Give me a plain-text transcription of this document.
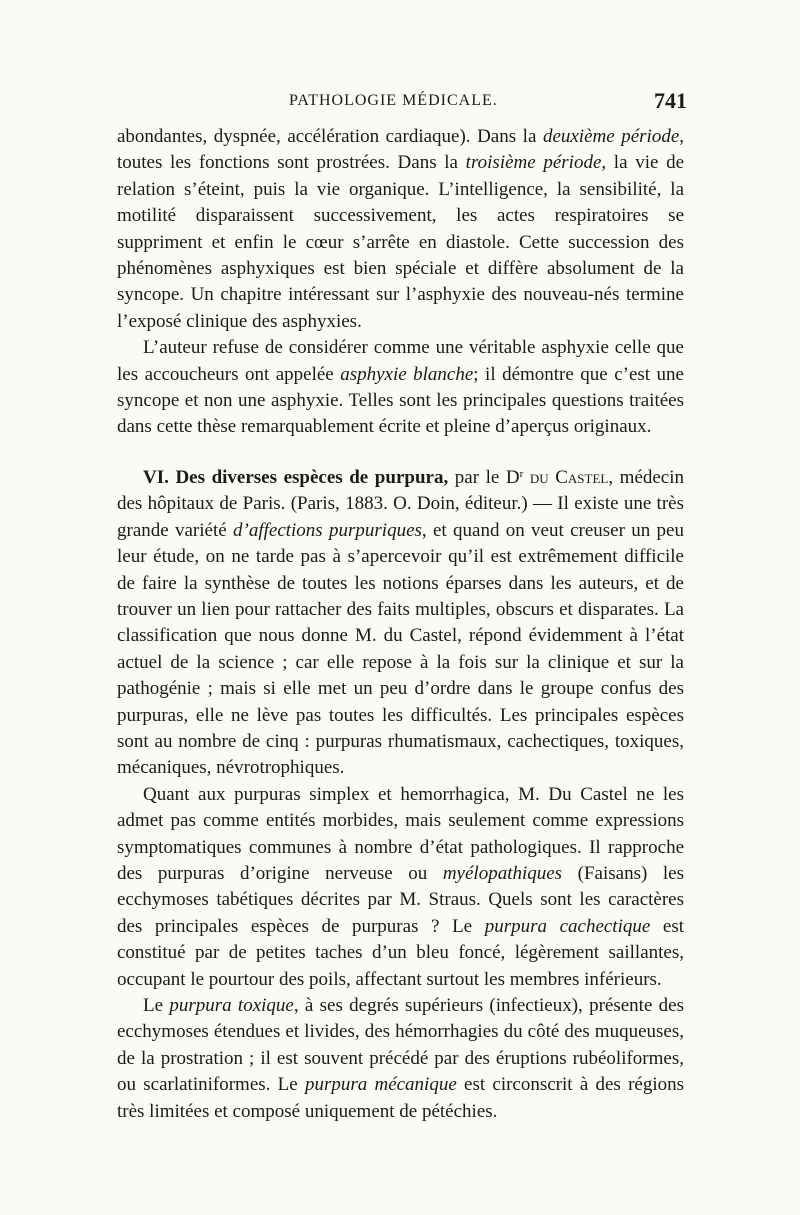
PATHOLOGIE MÉDICALE.	741

abondantes, dyspnée, accélération cardiaque). Dans la deuxième période, toutes les fonctions sont prostrées. Dans la troisième période, la vie de relation s’éteint, puis la vie organique. L’intelligence, la sensibilité, la motilité disparaissent successivement, les actes respiratoires se suppriment et enfin le cœur s’arrête en diastole. Cette succession des phénomènes asphyxiques est bien spéciale et diffère absolument de la syncope. Un chapitre intéressant sur l’asphyxie des nouveau-nés termine l’exposé clinique des asphyxies.

L’auteur refuse de considérer comme une véritable asphyxie celle que les accoucheurs ont appelée asphyxie blanche; il démontre que c’est une syncope et non une asphyxie. Telles sont les principales questions traitées dans cette thèse remarquablement écrite et pleine d’aperçus originaux.

VI. Des diverses espèces de purpura, par le $D^r$ du Castel, médecin des hôpitaux de Paris. (Paris, 1883. O. Doin, éditeur.) — Il existe une très grande variété d’affections purpuriques, et quand on veut creuser un peu leur étude, on ne tarde pas à s’apercevoir qu’il est extrêmement difficile de faire la synthèse de toutes les notions éparses dans les auteurs, et de trouver un lien pour rattacher des faits multiples, obscurs et disparates. La classification que nous donne M. du Castel, répond évidemment à l’état actuel de la science ; car elle repose à la fois sur la clinique et sur la pathogénie ; mais si elle met un peu d’ordre dans le groupe confus des purpuras, elle ne lève pas toutes les difficultés. Les principales espèces sont au nombre de cinq : purpuras rhumatismaux, cachectiques, toxiques, mécaniques, névrotrophiques.

Quant aux purpuras simplex et hemorrhagica, M. Du Castel ne les admet pas comme entités morbides, mais seulement comme expressions symptomatiques communes à nombre d’état pathologiques. Il rapproche des purpuras d’origine nerveuse ou myélopathiques (Faisans) les ecchymoses tabétiques décrites par M. Straus. Quels sont les caractères des principales espèces de purpuras ? Le purpura cachectique est constitué par de petites taches d’un bleu foncé, légèrement saillantes, occupant le pourtour des poils, affectant surtout les membres inférieurs.

Le purpura toxique, à ses degrés supérieurs (infectieux), présente des ecchymoses étendues et livides, des hémorrhagies du côté des muqueuses, de la prostration ; il est souvent précédé par des éruptions rubéoliformes, ou scarlatiniformes. Le purpura mécanique est circonscrit à des régions très limitées et composé uniquement de pétéchies.
